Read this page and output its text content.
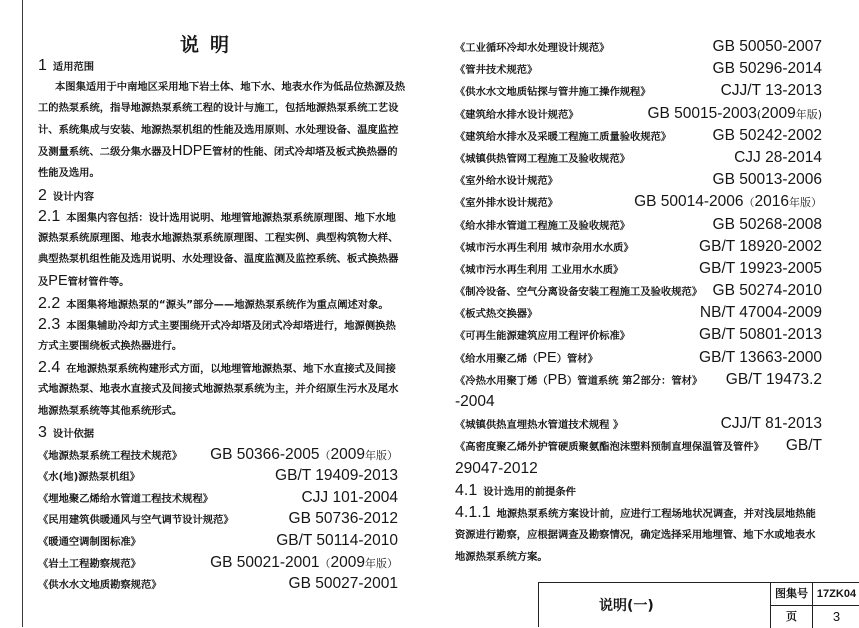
说明
1 适用范围
本图集适用于中南地区采用地下岩土体、地下水、地表水作为低品位热源及热
工的热泵系统，指导地源热泵系统工程的设计与施工，包括地源热泵系统工艺设
计、系统集成与安装、地源热泵机组的性能及选用原则、水处理设备、温度监控
及测量系统、二级分集水器及HDPE管材的性能、闭式冷却塔及板式换热器的
性能及选用。
2 设计内容
2.1 本图集内容包括：设计选用说明、地埋管地源热泵系统原理图、地下水地
源热泵系统原理图、地表水地源热泵系统原理图、工程实例、典型构筑物大样、
典型热泵机组性能及选用说明、水处理设备、温度监测及监控系统、板式换热器
及PE管材管件等。
2.2 本图集将地源热泵的“源头”部分——地源热泵系统作为重点阐述对象。
2.3 本图集辅助冷却方式主要围绕开式冷却塔及闭式冷却塔进行，地源侧换热
方式主要围绕板式换热器进行。
2.4 在地源热泵系统构建形式方面，以地埋管地源热泵、地下水直接式及间接
式地源热泵、地表水直接式及间接式地源热泵系统为主，并介绍原生污水及尾水
地源热泵系统等其他系统形式。
3 设计依据
《地源热泵系统工程技术规范》 GB 50366-2005（2009年版）
《水(地)源热泵机组》	GB/T 19409-2013
《埋地聚乙烯给水管道工程技术规程》	CJJ 101-2004
《民用建筑供暖通风与空气调节设计规范》	GB 50736-2012
《暖通空调制图标准》	GB/T 50114-2010
《岩土工程勘察规范》	GB 50021-2001（2009年版）
《供水水文地质勘察规范》	GB 50027-2001
《工业循环冷却水处理设计规范》	GB 50050-2007
《管井技术规范》	GB 50296-2014
《供水水文地质钻探与管井施工操作规程》	CJJ/T 13-2013
《建筑给水排水设计规范》	GB 50015-2003(2009年版)
《建筑给水排水及采暖工程施工质量验收规范》	GB 50242-2002
《城镇供热管网工程施工及验收规范》	CJJ 28-2014
《室外给水设计规范》	GB 50013-2006
《室外排水设计规范》	GB 50014-2006（2016年版）
《给水排水管道工程施工及验收规范》	GB 50268-2008
《城市污水再生利用 城市杂用水水质》	GB/T 18920-2002
《城市污水再生利用 工业用水水质》	GB/T 19923-2005
《制冷设备、空气分离设备安装工程施工及验收规范》 GB 50274-2010
《板式热交换器》	NB/T 47004-2009
《可再生能源建筑应用工程评价标准》	GB/T 50801-2013
《给水用聚乙烯（PE）管材》	GB/T 13663-2000
《冷热水用聚丁烯（PB）管道系统 第2部分：管材》 GB/T 19473.2
-2004
《城镇供热直埋热水管道技术规程 》	CJJ/T 81-2013
《高密度聚乙烯外护管硬质聚氨酯泡沫塑料预制直埋保温管及管件》 GB/T
29047-2012
4.1 设计选用的前提条件
4.1.1 地源热泵系统方案设计前，应进行工程场地状况调查，并对浅层地热能
资源进行勘察，应根据调查及勘察情况，确定选择采用地埋管、地下水或地表水
地源热泵系统方案。
说明(一)
图集号 17ZK04
页	3
